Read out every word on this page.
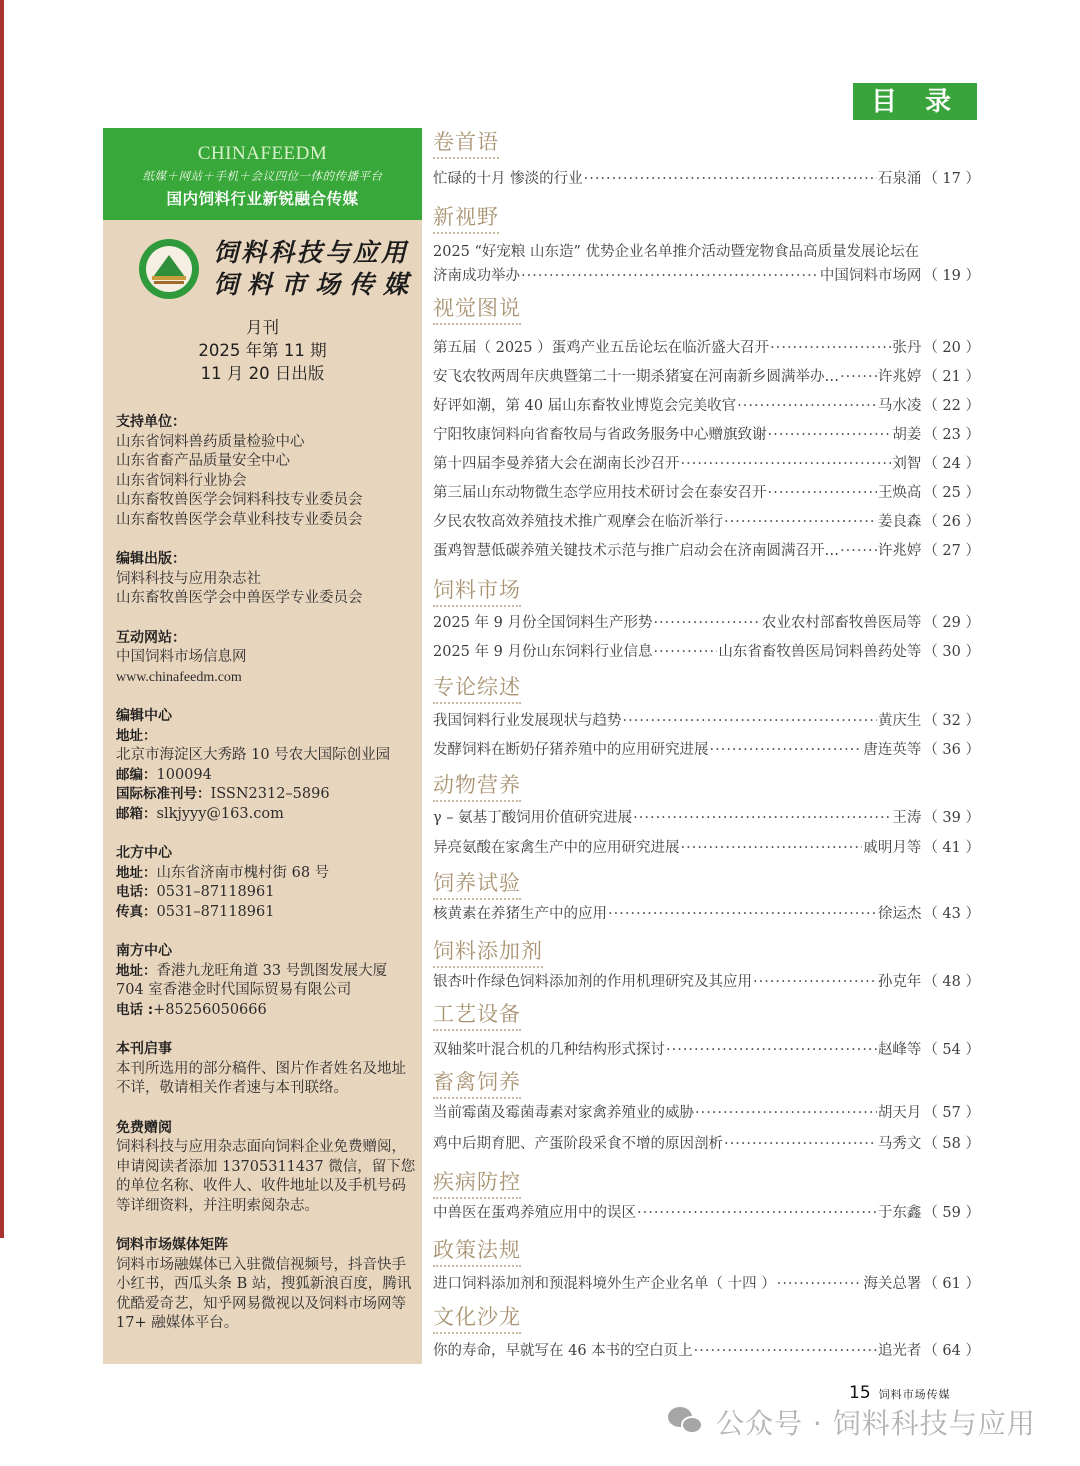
目 录
CHINAFEEDM
纸媒＋网站＋手机＋会议四位一体的传播平台
国内饲料行业新锐融合传媒
饲料科技与应用
饲料市场传媒
月刊
2025 年第 11 期
11 月 20 日出版
支持单位：
山东省饲料兽药质量检验中心
山东省畜产品质量安全中心
山东省饲料行业协会
山东畜牧兽医学会饲料科技专业委员会
山东畜牧兽医学会草业科技专业委员会
编辑出版：
饲料科技与应用杂志社
山东畜牧兽医学会中兽医学专业委员会
互动网站：
中国饲料市场信息网
www.chinafeedm.com
编辑中心
地址：
北京市海淀区大秀路 10 号农大国际创业园
邮编：100094
国际标准刊号：ISSN2312–5896
邮箱：slkjyyy@163.com
北方中心
地址：山东省济南市槐村街 68 号
电话：0531–87118961
传真：0531–87118961
南方中心
地址：香港九龙旺角道 33 号凯图发展大厦
704 室香港金时代国际贸易有限公司
电话 :+85256050666
本刊启事
本刊所选用的部分稿件、图片作者姓名及地址不详，敬请相关作者速与本刊联络。
免费赠阅
饲料科技与应用杂志面向饲料企业免费赠阅，申请阅读者添加 13705311437 微信，留下您的单位名称、收件人、收件地址以及手机号码等详细资料，并注明索阅杂志。
饲料市场媒体矩阵
饲料市场融媒体已入驻微信视频号，抖音快手小红书，西瓜头条 B 站，搜狐新浪百度，腾讯优酷爱奇艺，知乎网易微视以及饲料市场网等 17+ 融媒体平台。
卷首语
忙碌的十月 惨淡的行业 ·····	石泉涌 （ 17 ）
新视野
2025 “好宠粮 山东造” 优势企业名单推介活动暨宠物食品高质量发展论坛在
济南成功举办 ·····	中国饲料市场网 （ 19 ）
视觉图说
第五届（ 2025 ）蛋鸡产业五岳论坛在临沂盛大召开 ·····	张丹 （ 20 ）
安飞农牧两周年庆典暨第二十一期杀猪宴在河南新乡圆满举办… ·····	许兆婷 （ 21 ）
好评如潮，第 40 届山东畜牧业博览会完美收官 ·····	马水凌 （ 22 ）
宁阳牧康饲料向省畜牧局与省政务服务中心赠旗致谢 ·····	胡姜 （ 23 ）
第十四届李曼养猪大会在湖南长沙召开 ·····	刘智 （ 24 ）
第三届山东动物微生态学应用技术研讨会在泰安召开 ·····	王焕高 （ 25 ）
夕民农牧高效养殖技术推广观摩会在临沂举行 ·····	姜良森 （ 26 ）
蛋鸡智慧低碳养殖关键技术示范与推广启动会在济南圆满召开… ·····	许兆婷 （ 27 ）
饲料市场
2025 年 9 月份全国饲料生产形势 ·····	农业农村部畜牧兽医局等 （ 29 ）
2025 年 9 月份山东饲料行业信息 ·····	山东省畜牧兽医局饲料兽药处等 （ 30 ）
专论综述
我国饲料行业发展现状与趋势 ·····	黄庆生 （ 32 ）
发酵饲料在断奶仔猪养殖中的应用研究进展 ·····	唐连英等 （ 36 ）
动物营养
γ – 氨基丁酸饲用价值研究进展 ·····	王涛 （ 39 ）
异亮氨酸在家禽生产中的应用研究进展 ·····	戚明月等 （ 41 ）
饲养试验
核黄素在养猪生产中的应用 ·····	徐运杰 （ 43 ）
饲料添加剂
银杏叶作绿色饲料添加剂的作用机理研究及其应用 ·····	孙克年 （ 48 ）
工艺设备
双轴桨叶混合机的几种结构形式探讨 ·····	赵峰等 （ 54 ）
畜禽饲养
当前霉菌及霉菌毒素对家禽养殖业的威胁 ·····	胡天月 （ 57 ）
鸡中后期育肥、产蛋阶段采食不增的原因剖析 ·····	马秀文 （ 58 ）
疾病防控
中兽医在蛋鸡养殖应用中的误区 ·····	于东鑫 （ 59 ）
政策法规
进口饲料添加剂和预混料境外生产企业名单（ 十四 ） ·····	海关总署 （ 61 ）
文化沙龙
你的寿命，早就写在 46 本书的空白页上 ·····	追光者 （ 64 ）
15 饲料市场传媒
公众号 · 饲料科技与应用
